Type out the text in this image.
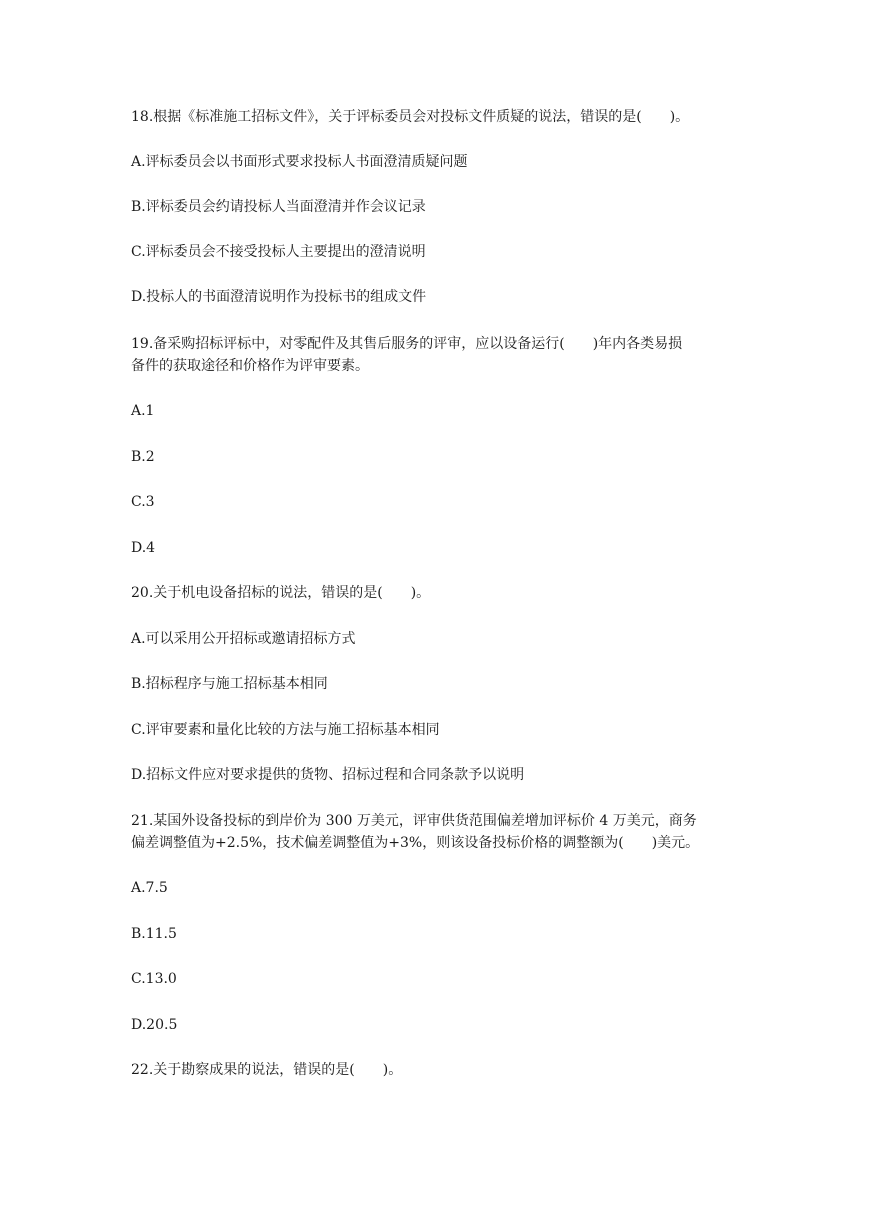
18.根据《标准施工招标文件》，关于评标委员会对投标文件质疑的说法，错误的是(　　)。
A.评标委员会以书面形式要求投标人书面澄清质疑问题
B.评标委员会约请投标人当面澄清并作会议记录
C.评标委员会不接受投标人主要提出的澄清说明
D.投标人的书面澄清说明作为投标书的组成文件
19.备采购招标评标中，对零配件及其售后服务的评审，应以设备运行(　　)年内各类易损
备件的获取途径和价格作为评审要素。
A.1
B.2
C.3
D.4
20.关于机电设备招标的说法，错误的是(　　)。
A.可以采用公开招标或邀请招标方式
B.招标程序与施工招标基本相同
C.评审要素和量化比较的方法与施工招标基本相同
D.招标文件应对要求提供的货物、招标过程和合同条款予以说明
21.某国外设备投标的到岸价为 300 万美元，评审供货范围偏差增加评标价 4 万美元，商务
偏差调整值为+2.5%，技术偏差调整值为+3%，则该设备投标价格的调整额为(　　)美元。
A.7.5
B.11.5
C.13.0
D.20.5
22.关于勘察成果的说法，错误的是(　　)。
